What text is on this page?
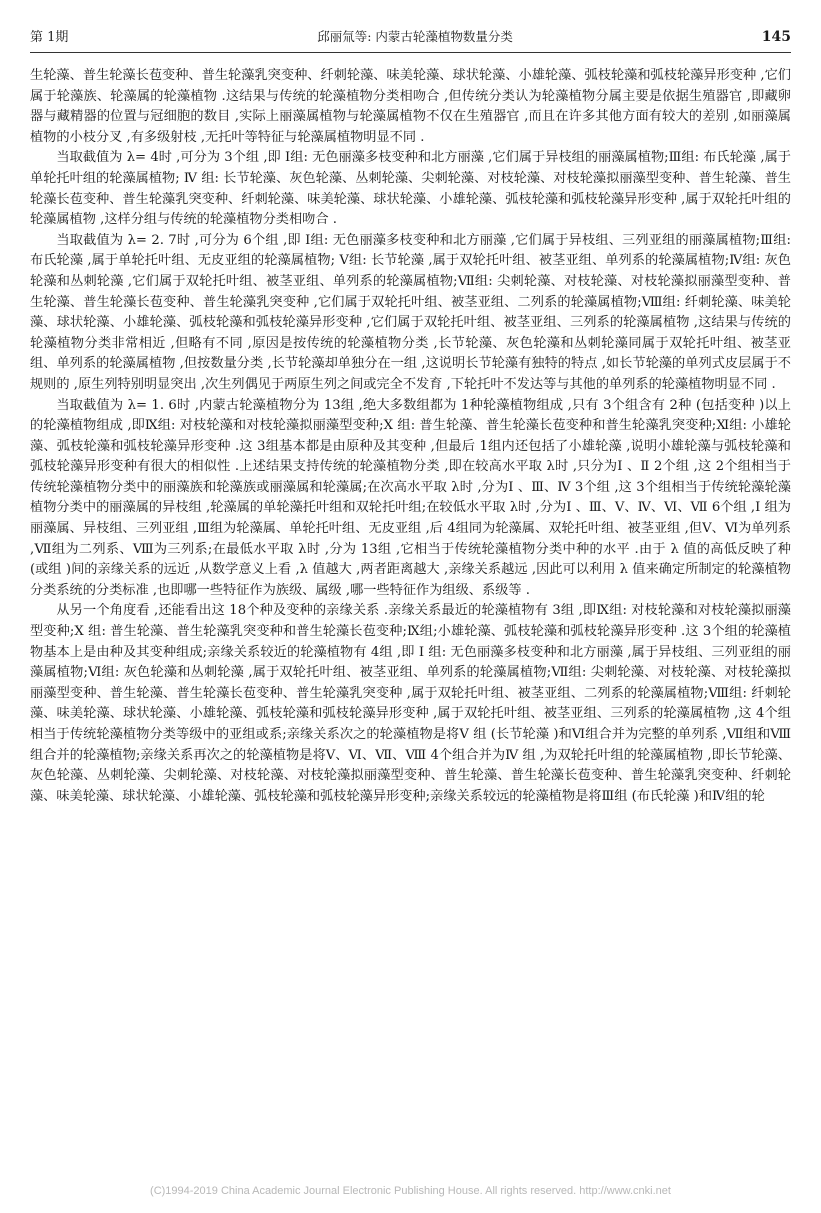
第 1期	邱丽氚等: 内蒙古轮藻植物数量分类	145

生轮藻、普生轮藻长苞变种、普生轮藻乳突变种、纤刺轮藻、味美轮藻、球状轮藻、小雄轮藻、弧枝轮藻和弧枝轮藻异形变种 ,它们属于轮藻族、轮藻属的轮藻植物 .这结果与传统的轮藻植物分类相吻合 ,但传统分类认为轮藻植物分属主要是依据生殖器官 ,即藏卵器与藏精器的位置与冠细胞的数目 ,实际上丽藻属植物与轮藻属植物不仅在生殖器官 ,而且在许多其他方面有较大的差别 ,如丽藻属植物的小枝分叉 ,有多级射枝 ,无托叶等特征与轮藻属植物明显不同 .

当取截值为 λ= 4时 ,可分为 3个组 ,即 Ⅰ组: 无色丽藻多枝变种和北方丽藻 ,它们属于异枝组的丽藻属植物;Ⅲ组: 布氏轮藻 ,属于单轮托叶组的轮藻属植物; Ⅳ 组: 长节轮藻、灰色轮藻、丛刺轮藻、尖刺轮藻、对枝轮藻、对枝轮藻拟丽藻型变种、普生轮藻、普生轮藻长苞变种、普生轮藻乳突变种、纤刺轮藻、味美轮藻、球状轮藻、小雄轮藻、弧枝轮藻和弧枝轮藻异形变种 ,属于双轮托叶组的轮藻属植物 ,这样分组与传统的轮藻植物分类相吻合 .

当取截值为 λ= 2. 7时 ,可分为 6个组 ,即 Ⅰ组: 无色丽藻多枝变种和北方丽藻 ,它们属于异枝组、三列亚组的丽藻属植物;Ⅲ组: 布氏轮藻 ,属于单轮托叶组、无皮亚组的轮藻属植物; Ⅴ组: 长节轮藻 ,属于双轮托叶组、被茎亚组、单列系的轮藻属植物;Ⅳ组: 灰色轮藻和丛刺轮藻 ,它们属于双轮托叶组、被茎亚组、单列系的轮藻属植物;Ⅶ组: 尖刺轮藻、对枝轮藻、对枝轮藻拟丽藻型变种、普生轮藻、普生轮藻长苞变种、普生轮藻乳突变种 ,它们属于双轮托叶组、被茎亚组、二列系的轮藻属植物;Ⅷ组: 纤刺轮藻、味美轮藻、球状轮藻、小雄轮藻、弧枝轮藻和弧枝轮藻异形变种 ,它们属于双轮托叶组、被茎亚组、三列系的轮藻属植物 ,这结果与传统的轮藻植物分类非常相近 ,但略有不同 ,原因是按传统的轮藻植物分类 ,长节轮藻、灰色轮藻和丛刺轮藻同属于双轮托叶组、被茎亚组、单列系的轮藻属植物 ,但按数量分类 ,长节轮藻却单独分在一组 ,这说明长节轮藻有独特的特点 ,如长节轮藻的单列式皮层属于不规则的 ,原生列特别明显突出 ,次生列偶见于两原生列之间或完全不发育 ,下轮托叶不发达等与其他的单列系的轮藻植物明显不同 .

当取截值为 λ= 1. 6时 ,内蒙古轮藻植物分为 13组 ,绝大多数组都为 1种轮藻植物组成 ,只有 3个组含有 2种 (包括变种 )以上的轮藻植物组成 ,即Ⅸ组: 对枝轮藻和对枝轮藻拟丽藻型变种;Ⅹ 组: 普生轮藻、普生轮藻长苞变种和普生轮藻乳突变种;Ⅺ组: 小雄轮藻、弧枝轮藻和弧枝轮藻异形变种 .这 3组基本都是由原种及其变种 ,但最后 1组内还包括了小雄轮藻 ,说明小雄轮藻与弧枝轮藻和弧枝轮藻异形变种有很大的相似性 .上述结果支持传统的轮藻植物分类 ,即在较高水平取 λ时 ,只分为Ⅰ 、Ⅱ 2个组 ,这 2个组相当于传统轮藻植物分类中的丽藻族和轮藻族或丽藻属和轮藻属;在次高水平取 λ时 ,分为Ⅰ 、Ⅲ、Ⅳ 3个组 ,这 3个组相当于传统轮藻轮藻植物分类中的丽藻属的异枝组 ,轮藻属的单轮藻托叶组和双轮托叶组;在较低水平取 λ时 ,分为Ⅰ 、Ⅲ、Ⅴ、Ⅳ、Ⅵ、Ⅶ 6个组 ,Ⅰ 组为丽藻属、异枝组、三列亚组 ,Ⅲ组为轮藻属、单轮托叶组、无皮亚组 ,后 4组同为轮藻属、双轮托叶组、被茎亚组 ,但Ⅴ、Ⅵ为单列系 ,Ⅶ组为二列系、Ⅷ为三列系;在最低水平取 λ时 ,分为 13组 ,它相当于传统轮藻植物分类中种的水平 .由于 λ 值的高低反映了种 (或组 )间的亲缘关系的远近 ,从数学意义上看 ,λ 值越大 ,两者距离越大 ,亲缘关系越远 ,因此可以利用 λ 值来确定所制定的轮藻植物分类系统的分类标准 ,也即哪一些特征作为族级、属级 ,哪一些特征作为组级、系级等 .

从另一个角度看 ,还能看出这 18个种及变种的亲缘关系 .亲缘关系最近的轮藻植物有 3组 ,即Ⅸ组: 对枝轮藻和对枝轮藻拟丽藻型变种;Ⅹ 组: 普生轮藻、普生轮藻乳突变种和普生轮藻长苞变种;Ⅸ组;小雄轮藻、弧枝轮藻和弧枝轮藻异形变种 .这 3个组的轮藻植物基本上是由种及其变种组成;亲缘关系较近的轮藻植物有 4组 ,即 Ⅰ 组: 无色丽藻多枝变种和北方丽藻 ,属于异枝组、三列亚组的丽藻属植物;Ⅵ组: 灰色轮藻和丛刺轮藻 ,属于双轮托叶组、被茎亚组、单列系的轮藻属植物;Ⅶ组: 尖刺轮藻、对枝轮藻、对枝轮藻拟丽藻型变种、普生轮藻、普生轮藻长苞变种、普生轮藻乳突变种 ,属于双轮托叶组、被茎亚组、二列系的轮藻属植物;Ⅷ组: 纤刺轮藻、味美轮藻、球状轮藻、小雄轮藻、弧枝轮藻和弧枝轮藻异形变种 ,属于双轮托叶组、被茎亚组、三列系的轮藻属植物 ,这 4个组相当于传统轮藻植物分类等级中的亚组或系;亲缘关系次之的轮藻植物是将Ⅴ 组 (长节轮藻 )和Ⅵ组合并为完整的单列系 ,Ⅶ组和Ⅷ组合并的轮藻植物;亲缘关系再次之的轮藻植物是将Ⅴ、Ⅵ、Ⅶ、Ⅷ 4个组合并为Ⅳ 组 ,为双轮托叶组的轮藻属植物 ,即长节轮藻、灰色轮藻、丛刺轮藻、尖刺轮藻、对枝轮藻、对枝轮藻拟丽藻型变种、普生轮藻、普生轮藻长苞变种、普生轮藻乳突变种、纤刺轮藻、味美轮藻、球状轮藻、小雄轮藻、弧枝轮藻和弧枝轮藻异形变种;亲缘关系较远的轮藻植物是将Ⅲ组 (布氏轮藻 )和Ⅳ组的轮

(C)1994-2019 China Academic Journal Electronic Publishing House. All rights reserved. http://www.cnki.net
